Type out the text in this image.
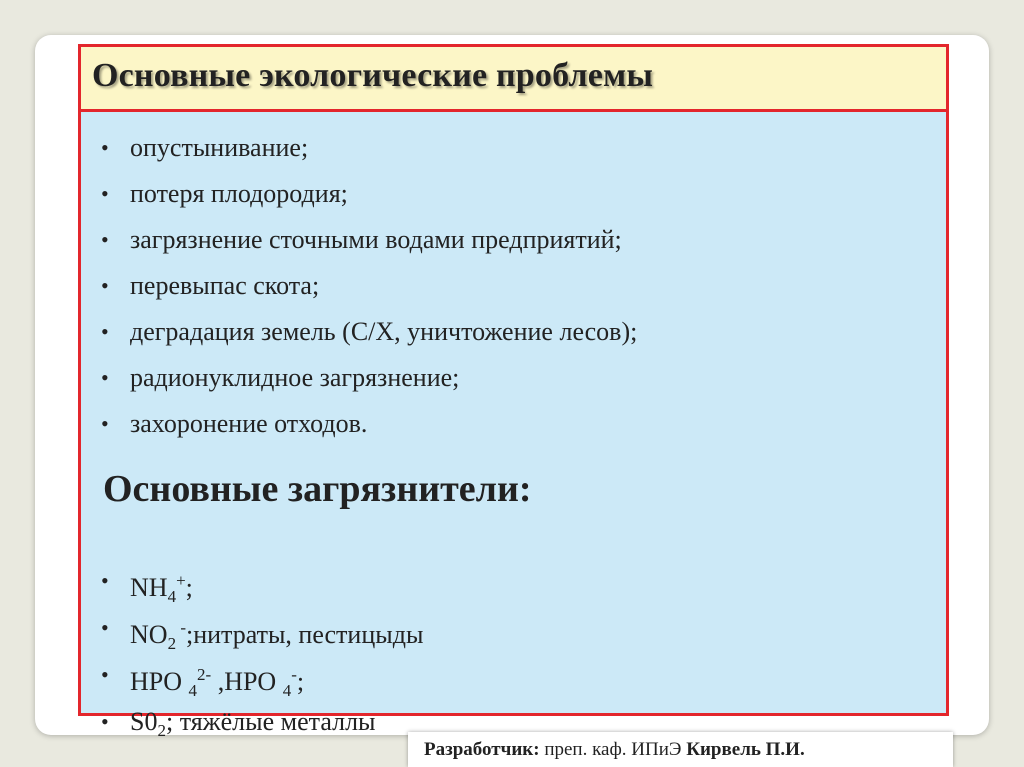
Основные экологические проблемы
• опустынивание;
• потеря плодородия;
• загрязнение сточными водами предприятий;
• перевыпас скота;
• деградация земель (С/Х, уничтожение лесов);
• радионуклидное загрязнение;
• захоронение отходов.
Основные загрязнители:
• $NH_4^+$;
• $NO_2$ -;нитраты, пестицыды
• HPO $_4^{2-}$ ,HPO $_4$-;
• $S0_2$; тяжёлые металлы
Разработчик: преп. каф. ИПиЭ Кирвель П.И.
